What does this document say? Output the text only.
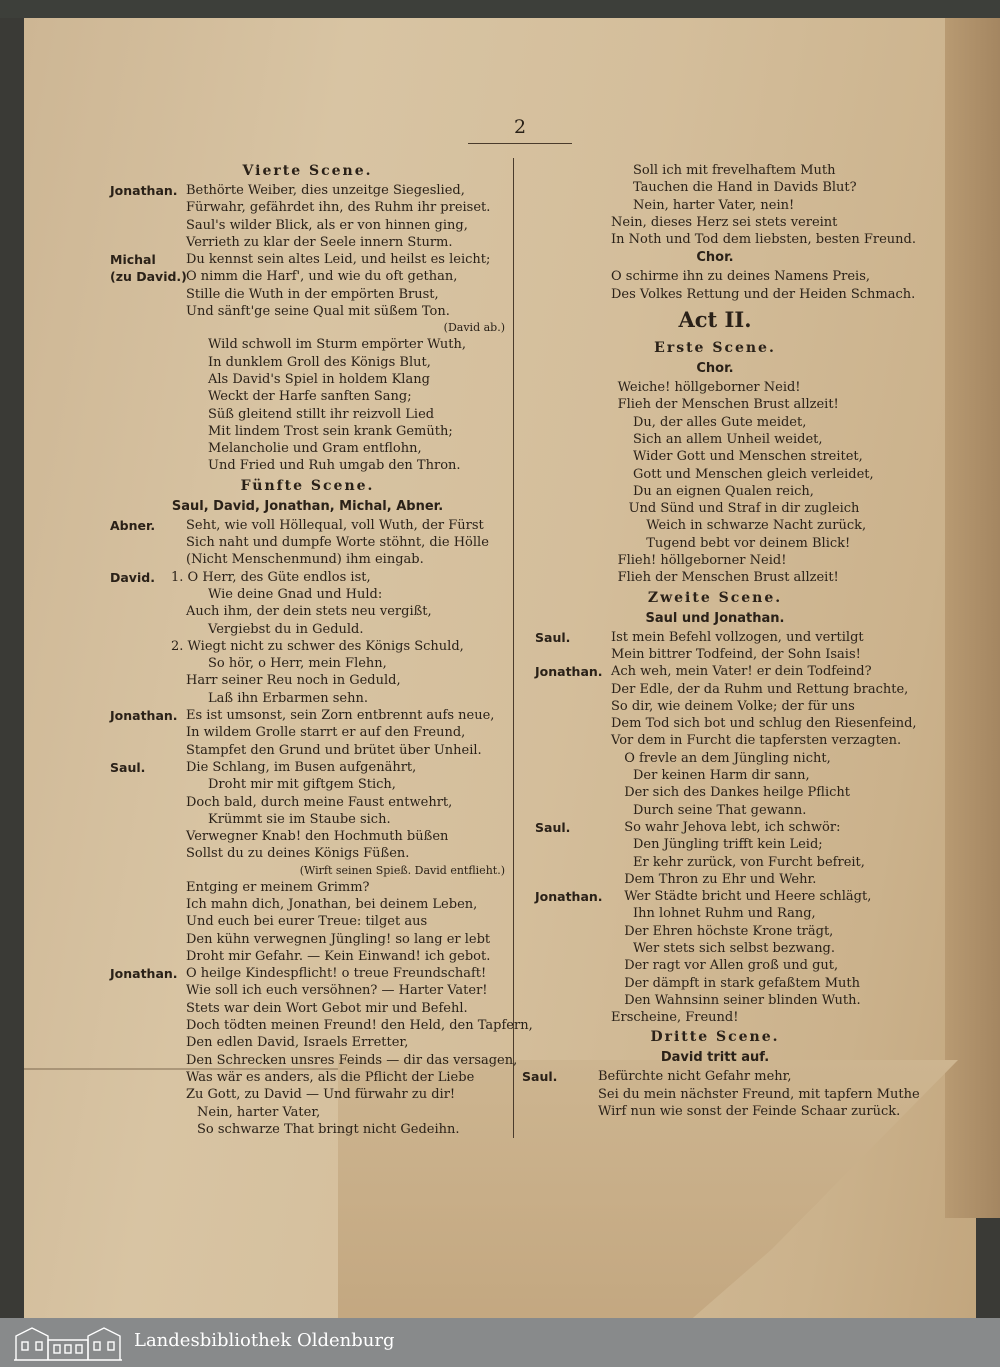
2
Vierte Scene.
Jonathan. Bethörte Weiber, dies unzeitge Siegeslied,
Fürwahr, gefährdet ihn, des Ruhm ihr preiset.
Saul's wilder Blick, als er von hinnen ging,
Verrieth zu klar der Seele innern Sturm.
Michal Du kennst sein altes Leid, und heilst es leicht;
(zu David.) O nimm die Harf', und wie du oft gethan,
Stille die Wuth in der empörten Brust,
Und sänft'ge seine Qual mit süßem Ton.
(David ab.)
Wild schwoll im Sturm empörter Wuth,
In dunklem Groll des Königs Blut,
Als David's Spiel in holdem Klang
Weckt der Harfe sanften Sang;
Süß gleitend stillt ihr reizvoll Lied
Mit lindem Trost sein krank Gemüth;
Melancholie und Gram entflohn,
Und Fried und Ruh umgab den Thron.
Fünfte Scene.
Saul, David, Jonathan, Michal, Abner.
Abner. Seht, wie voll Höllequal, voll Wuth, der Fürst
Sich naht und dumpfe Worte stöhnt, die Hölle
(Nicht Menschenmund) ihm eingab.
David. 1. O Herr, des Güte endlos ist,
Wie deine Gnad und Huld:
Auch ihm, der dein stets neu vergißt,
Vergiebst du in Geduld.
2. Wiegt nicht zu schwer des Königs Schuld,
So hör, o Herr, mein Flehn,
Harr seiner Reu noch in Geduld,
Laß ihn Erbarmen sehn.
Jonathan. Es ist umsonst, sein Zorn entbrennt aufs neue,
In wildem Grolle starrt er auf den Freund,
Stampfet den Grund und brütet über Unheil.
Saul.	Die Schlang, im Busen aufgenährt,
Droht mir mit giftgem Stich,
Doch bald, durch meine Faust entwehrt,
Krümmt sie im Staube sich.
Verwegner Knab! den Hochmuth büßen
Sollst du zu deines Königs Füßen.
(Wirft seinen Spieß. David entflieht.)
Entging er meinem Grimm?
Ich mahn dich, Jonathan, bei deinem Leben,
Und euch bei eurer Treue: tilget aus
Den kühn verwegnen Jüngling! so lang er lebt
Droht mir Gefahr. — Kein Einwand! ich gebot.
Jonathan. O heilge Kindespflicht! o treue Freundschaft!
Wie soll ich euch versöhnen? — Harter Vater!
Stets war dein Wort Gebot mir und Befehl.
Doch tödten meinen Freund! den Held, den Tapfern,
Den edlen David, Israels Erretter,
Den Schrecken unsres Feinds — dir das versagen,
Was wär es anders, als die Pflicht der Liebe
Zu Gott, zu David — Und fürwahr zu dir!
Nein, harter Vater,
So schwarze That bringt nicht Gedeihn.
Soll ich mit frevelhaftem Muth
Tauchen die Hand in Davids Blut?
Nein, harter Vater, nein!
Nein, dieses Herz sei stets vereint
In Noth und Tod dem liebsten, besten Freund.
Chor.
O schirme ihn zu deines Namens Preis,
Des Volkes Rettung und der Heiden Schmach.
Act II.
Erste Scene.
Chor.
Weiche! höllgeborner Neid!
Flieh der Menschen Brust allzeit!
Du, der alles Gute meidet,
Sich an allem Unheil weidet,
Wider Gott und Menschen streitet,
Gott und Menschen gleich verleidet,
Du an eignen Qualen reich,
Und Sünd und Straf in dir zugleich
Weich in schwarze Nacht zurück,
Tugend bebt vor deinem Blick!
Flieh! höllgeborner Neid!
Flieh der Menschen Brust allzeit!
Zweite Scene.
Saul und Jonathan.
Saul.	Ist mein Befehl vollzogen, und vertilgt
Mein bittrer Todfeind, der Sohn Isais!
Jonathan. Ach weh, mein Vater! er dein Todfeind?
Der Edle, der da Ruhm und Rettung brachte,
So dir, wie deinem Volke; der für uns
Dem Tod sich bot und schlug den Riesenfeind,
Vor dem in Furcht die tapfersten verzagten.
O frevle an dem Jüngling nicht,
Der keinen Harm dir sann,
Der sich des Dankes heilge Pflicht
Durch seine That gewann.
Saul.	So wahr Jehova lebt, ich schwör:
Den Jüngling trifft kein Leid;
Er kehr zurück, von Furcht befreit,
Dem Thron zu Ehr und Wehr.
Jonathan. Wer Städte bricht und Heere schlägt,
Ihn lohnet Ruhm und Rang,
Der Ehren höchste Krone trägt,
Wer stets sich selbst bezwang.
Der ragt vor Allen groß und gut,
Der dämpft in stark gefaßtem Muth
Den Wahnsinn seiner blinden Wuth.
Erscheine, Freund!
Dritte Scene.
David tritt auf.
Saul.	Befürchte nicht Gefahr mehr,
Sei du mein nächster Freund, mit tapfern Muthe
Wirf nun wie sonst der Feinde Schaar zurück.
Landesbibliothek Oldenburg
